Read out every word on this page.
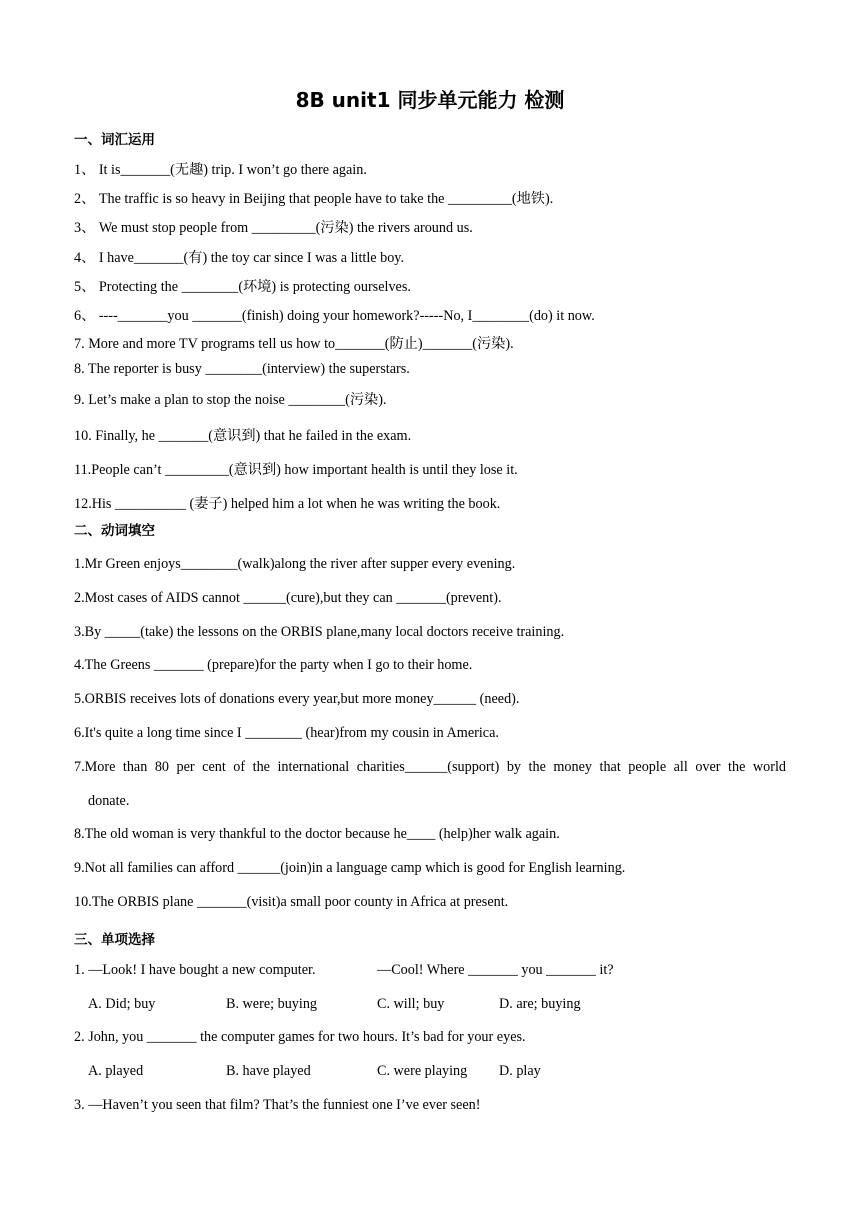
8B unit1 同步单元能力 检测
一、词汇运用
1、 It is_______(无趣) trip. I won’t go there again.
2、 The traffic is so heavy in Beijing that people have to take the _________(地铁).
3、 We must stop people from _________(污染) the rivers around us.
4、 I have_______(有) the toy car since I was a little boy.
5、 Protecting the ________(环境) is protecting ourselves.
6、 ----_______you _______(finish) doing your homework?-----No, I________(do) it now.
7. More and more TV programs tell us how to_______(防止)_______(污染).
8. The reporter is busy ________(interview) the superstars.
9. Let’s make a plan to stop the noise ________(污染).
10. Finally, he _______(意识到) that he failed in the exam.
11.People can’t _________(意识到) how important health is until they lose it.
12.His __________ (妻子) helped him a lot when he was writing the book.
二、动词填空
1.Mr Green enjoys________(walk)along the river after supper every evening.
2.Most cases of AIDS cannot ______(cure),but they can _______(prevent).
3.By _____(take) the lessons on the ORBIS plane,many local doctors receive training.
4.The Greens _______ (prepare)for the party when I go to their home.
5.ORBIS receives lots of donations every year,but more money______ (need).
6.It's quite a long time since I ________ (hear)from my cousin in America.
7.More than 80 per cent of the international charities______(support) by the money that people all over the world
donate.
8.The old woman is very thankful to the doctor because he____ (help)her walk again.
9.Not all families can afford ______(join)in a language camp which is good for English learning.
10.The ORBIS plane _______(visit)a small poor county in Africa at present.
三、单项选择
1. —Look! I have bought a new computer.	—Cool! Where _______ you _______ it?
A. Did; buy	B. were; buying	C. will; buy	D. are; buying
2. John, you _______ the computer games for two hours. It’s bad for your eyes.
A. played	B. have played	C. were playing D. play
3. —Haven’t you seen that film? That’s the funniest one I’ve ever seen!
